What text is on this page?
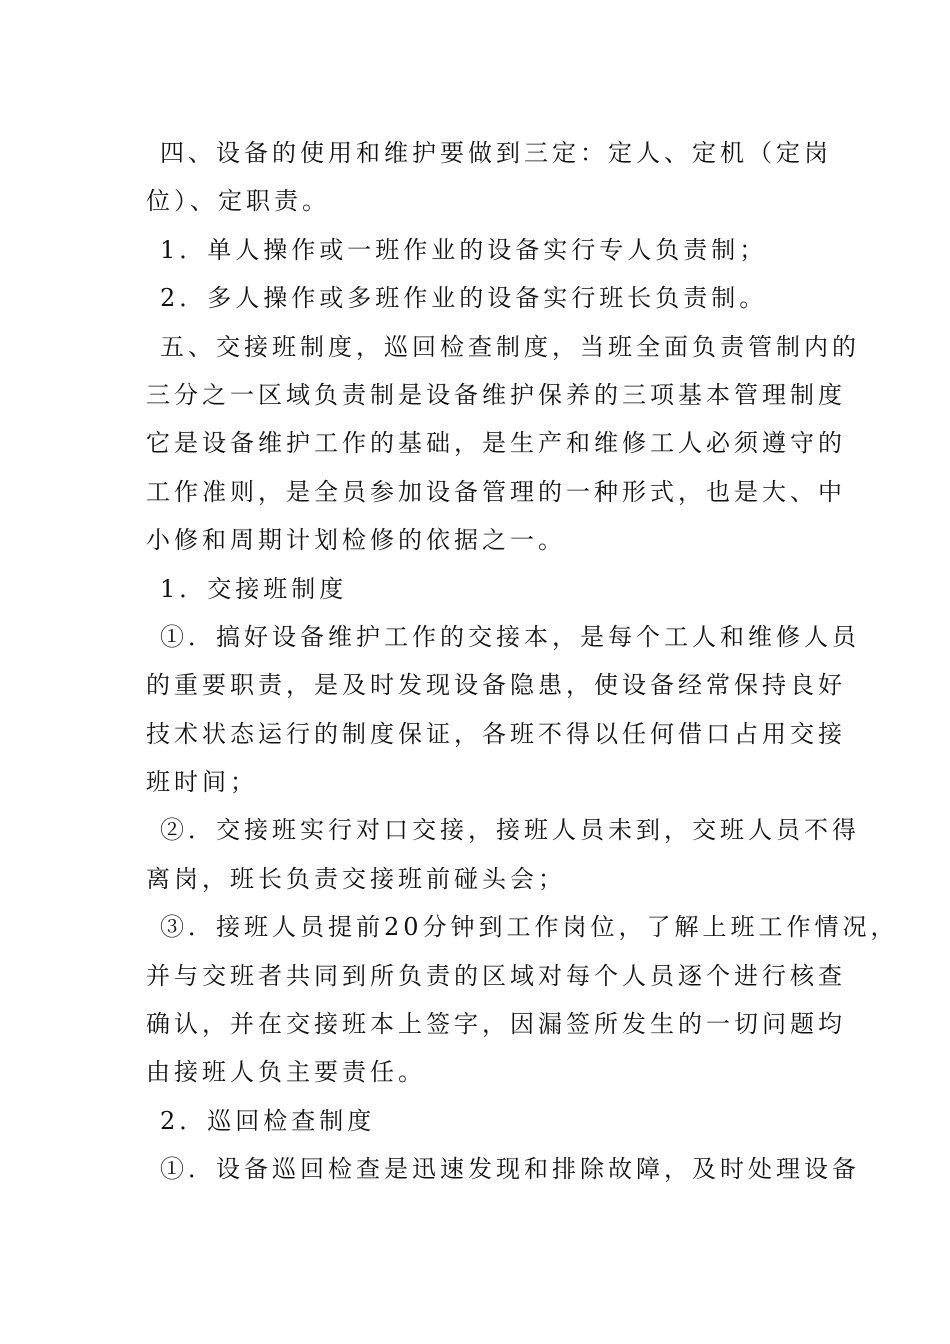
四、设备的使用和维护要做到三定：定人、定机（定岗
位）、定职责。
1．单人操作或一班作业的设备实行专人负责制；
2．多人操作或多班作业的设备实行班长负责制。
五、交接班制度，巡回检查制度，当班全面负责管制内的
三分之一区域负责制是设备维护保养的三项基本管理制度
它是设备维护工作的基础，是生产和维修工人必须遵守的
工作准则，是全员参加设备管理的一种形式，也是大、中
小修和周期计划检修的依据之一。
1．交接班制度
①．搞好设备维护工作的交接本，是每个工人和维修人员
的重要职责，是及时发现设备隐患，使设备经常保持良好
技术状态运行的制度保证，各班不得以任何借口占用交接
班时间；
②．交接班实行对口交接，接班人员未到，交班人员不得
离岗，班长负责交接班前碰头会；
③．接班人员提前20分钟到工作岗位，了解上班工作情况，
并与交班者共同到所负责的区域对每个人员逐个进行核查
确认，并在交接班本上签字，因漏签所发生的一切问题均
由接班人负主要责任。
2．巡回检查制度
①．设备巡回检查是迅速发现和排除故障，及时处理设备
